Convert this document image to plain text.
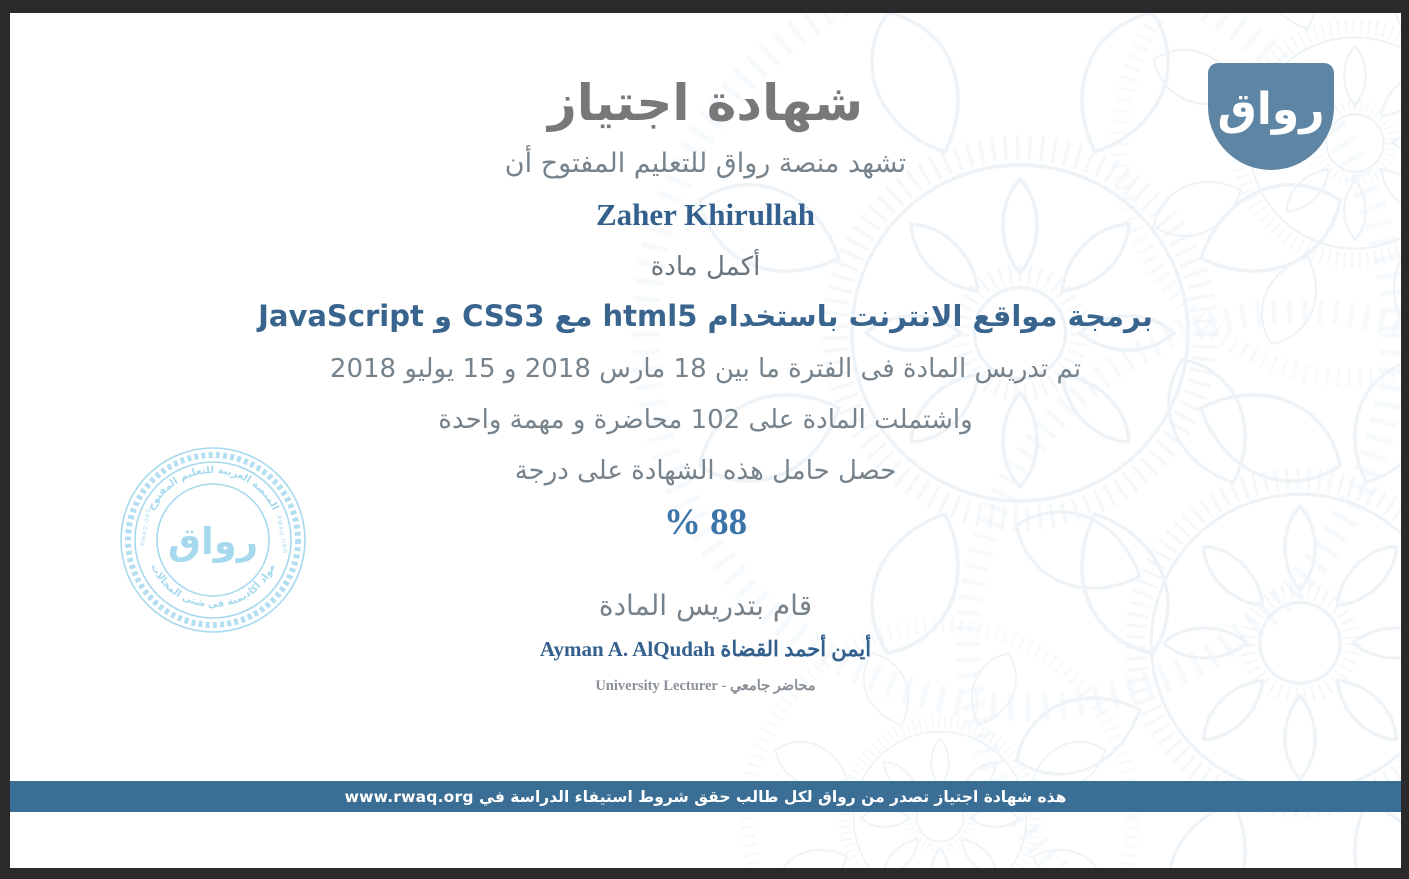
رواق
المنصة العربية للتعليم المفتوح
مواد أكاديمية في شتى المجالات
RWAQ.ORG	RWAQ.ORG
رواق
شهادة اجتياز
تشهد منصة رواق للتعليم المفتوح أن
Zaher Khirullah
أكمل مادة
برمجة مواقع الانترنت باستخدام html5 مع CSS3 و JavaScript
تم تدريس المادة فى الفترة ما بين 18 مارس 2018 و 15 يوليو 2018
واشتملت المادة على 102 محاضرة و مهمة واحدة
حصل حامل هذه الشهادة على درجة
% 88
قام بتدريس المادة
أيمن أحمد القضاة Ayman A. AlQudah
محاضر جامعي - University Lecturer
هذه شهادة اجتياز تصدر من رواق لكل طالب حقق شروط استيفاء الدراسة في www.rwaq.org
